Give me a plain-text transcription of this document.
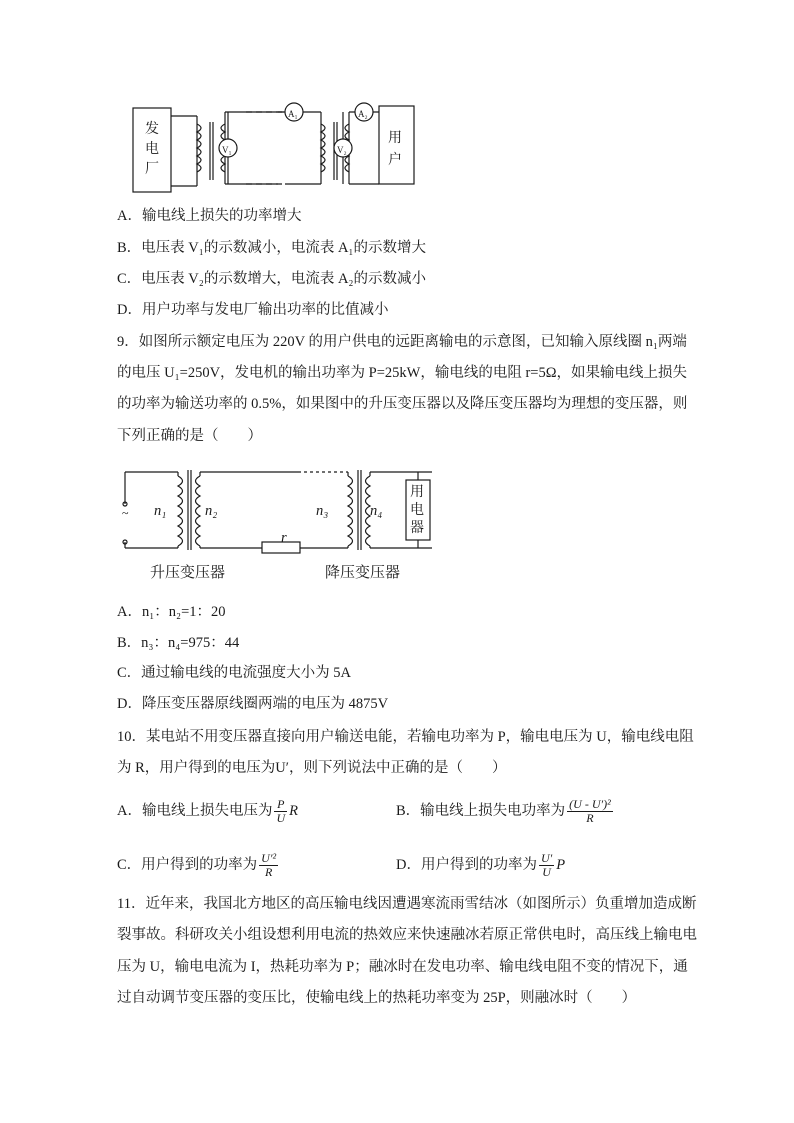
发
电
厂
用
户
V₁
A₁	A₂
V₂
A．输电线上损失的功率增大
B．电压表 V₁的示数减小，电流表 A₁的示数增大
C．电压表 V₂的示数增大，电流表 A₂的示数减小
D．用户功率与发电厂输出功率的比值减小
9．如图所示额定电压为 220V 的用户供电的远距离输电的示意图，已知输入原线圈 n₁两端
的电压 U₁=250V，发电机的输出功率为 P=25kW，输电线的电阻 r=5Ω，如果输电线上损失
的功率为输送功率的 0.5%，如果图中的升压变压器以及降压变压器均为理想的变压器，则
下列正确的是（　　）
~ n₁	n₂	n₃	n₄
r
用
电
器
升压变压器	降压变压器
A．n₁：n₂=1：20
B．n₃：n₄=975：44
C．通过输电线的电流强度大小为 5A
D．降压变压器原线圈两端的电压为 4875V
10．某电站不用变压器直接向用户输送电能，若输电功率为 P，输电电压为 U，输电线电阻
为 R，用户得到的电压为U′，则下列说法中正确的是（　　）
A．输电线上损失电压为 $\frac{P}{U}$ R	B．输电线上损失电功率为 $\frac{\text{(U - U′)²}}{R}$
C．用户得到的功率为 $\frac{\text{U′²}}{R}$	D．用户得到的功率为 $\frac{U'}{U}$ P
11．近年来，我国北方地区的高压输电线因遭遇寒流雨雪结冰（如图所示）负重增加造成断
裂事故。科研攻关小组设想利用电流的热效应来快速融冰若原正常供电时，高压线上输电电
压为 U，输电电流为 I，热耗功率为 P；融冰时在发电功率、输电线电阻不变的情况下，通
过自动调节变压器的变压比，使输电线上的热耗功率变为 25P，则融冰时（　　）
